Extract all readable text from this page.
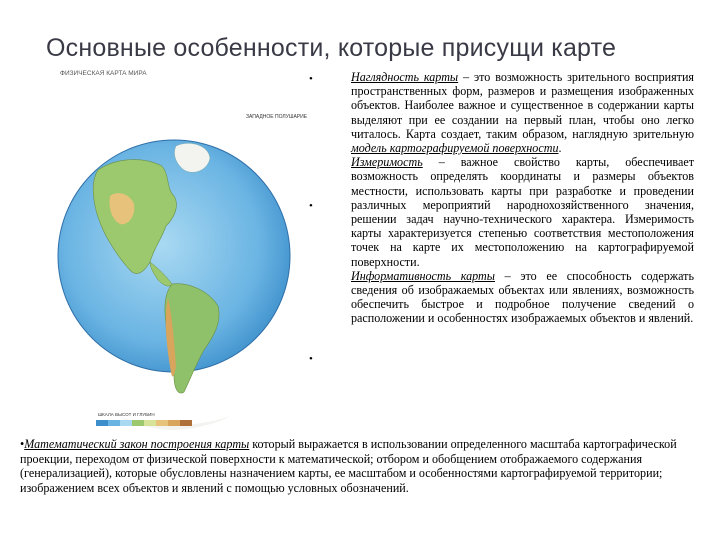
Основные особенности, которые присущи карте
ФИЗИЧЕСКАЯ КАРТА МИРА
ЗАПАДНОЕ ПОЛУШАРИЕ
ШКАЛА ВЫСОТ И ГЛУБИН
•
•
•

Наглядность карты – это возможность зрительного восприятия пространственных форм, размеров и размещения изображенных объектов. Наиболее важное и существенное в содержании карты выделяют при ее создании на первый план, чтобы оно легко читалось. Карта создает, таким образом, наглядную зрительную модель картографируемой поверхности.

Измеримость – важное свойство карты, обеспечивает возможность определять координаты и размеры объектов местности, использовать карты при разработке и проведении различных мероприятий народнохозяйственного значения, решении задач научно-технического характера. Измеримость карты характеризуется степенью соответствия местоположения точек на карте их местоположению на картографируемой поверхности.

Информативность карты – это ее способность содержать сведения об изображаемых объектах или явлениях, возможность обеспечить быстрое и подробное получение сведений о расположении и особенностях изображаемых объектов и явлений.

•Математический закон построения карты который выражается в использовании определенного масштаба картографической проекции, переходом от физической поверхности к математической; отбором и обобщением отображаемого содержания (генерализацией), которые обусловлены назначением карты, ее масштабом и особенностями картографируемой территории; изображением всех объектов и явлений с помощью условных обозначений.
